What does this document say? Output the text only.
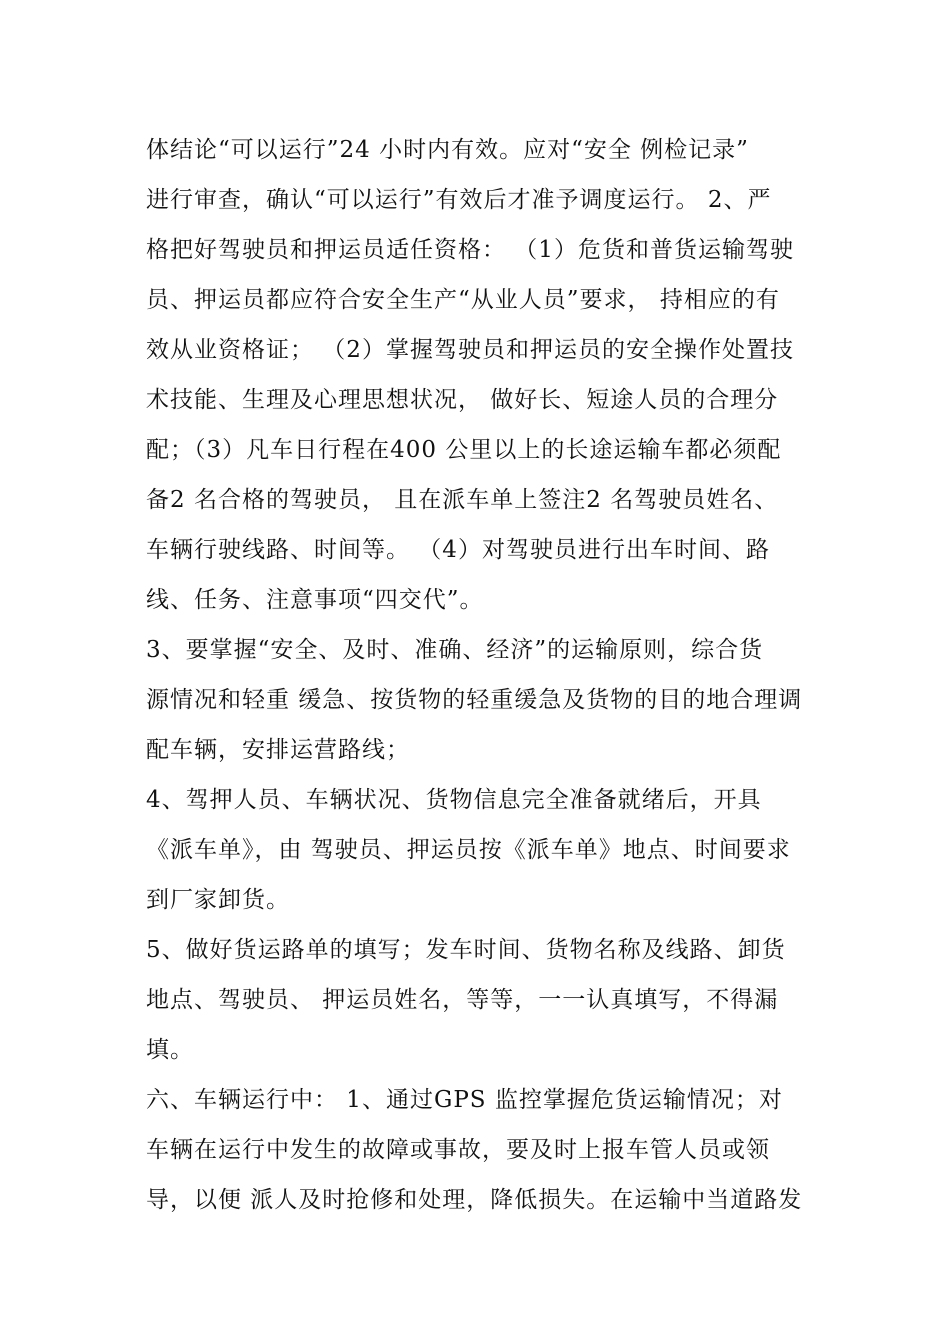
体结论“可以运行”24 小时内有效。应对“安全 例检记录”
进行审查，确认“可以运行”有效后才准予调度运行。 2、严
格把好驾驶员和押运员适任资格： （1）危货和普货运输驾驶
员、押运员都应符合安全生产“从业人员”要求， 持相应的有
效从业资格证； （2）掌握驾驶员和押运员的安全操作处置技
术技能、生理及心理思想状况， 做好长、短途人员的合理分
配；（3）凡车日行程在400 公里以上的长途运输车都必须配
备2 名合格的驾驶员， 且在派车单上签注2 名驾驶员姓名、
车辆行驶线路、时间等。 （4）对驾驶员进行出车时间、路
线、任务、注意事项“四交代”。
3、要掌握“安全、及时、准确、经济”的运输原则，综合货
源情况和轻重 缓急、按货物的轻重缓急及货物的目的地合理调
配车辆，安排运营路线；
4、驾押人员、车辆状况、货物信息完全准备就绪后，开具
《派车单》，由 驾驶员、押运员按《派车单》地点、时间要求
到厂家卸货。
5、做好货运路单的填写；发车时间、货物名称及线路、卸货
地点、驾驶员、 押运员姓名，等等，一一认真填写，不得漏
填。
六、车辆运行中： 1、通过GPS 监控掌握危货运输情况；对
车辆在运行中发生的故障或事故，要及时上报车管人员或领
导，以便 派人及时抢修和处理，降低损失。在运输中当道路发
